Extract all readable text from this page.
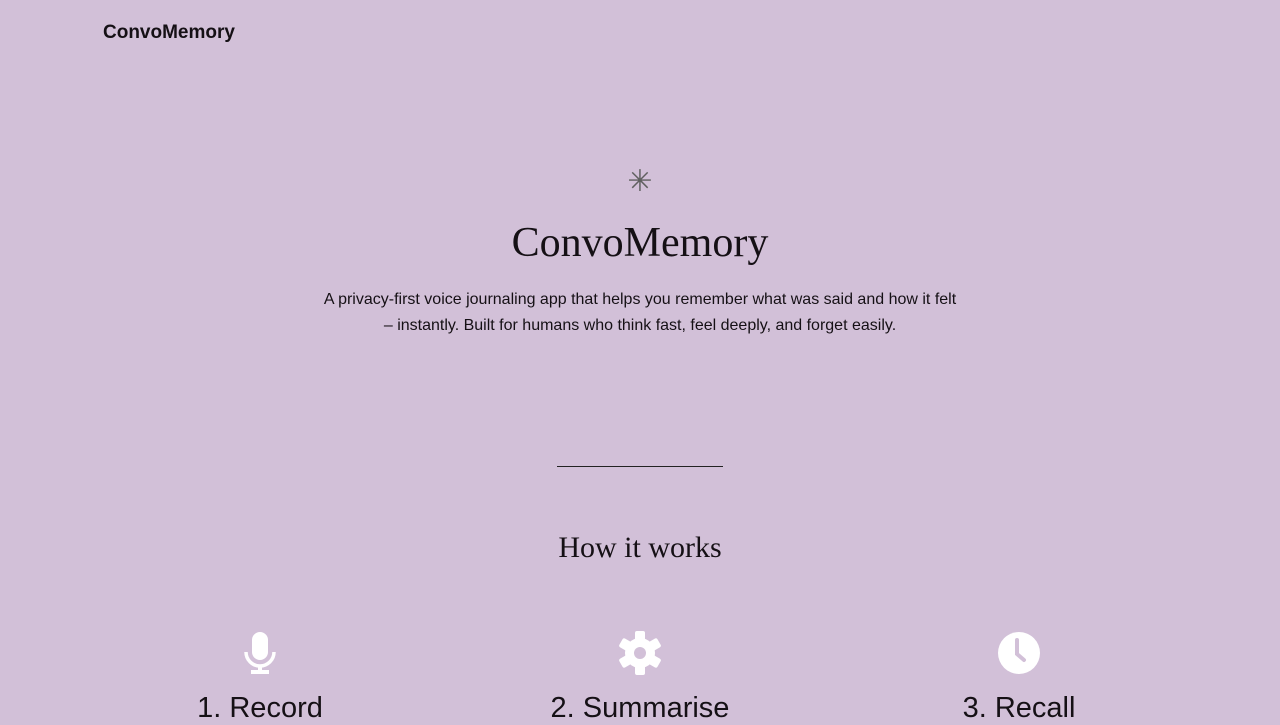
ConvoMemory
✳
ConvoMemory

A privacy-first voice journaling app that helps you remember what was said and how it felt – instantly. Built for humans who think fast, feel deeply, and forget easily.

How it works
1. Record	2. Summarise	3. Recall
